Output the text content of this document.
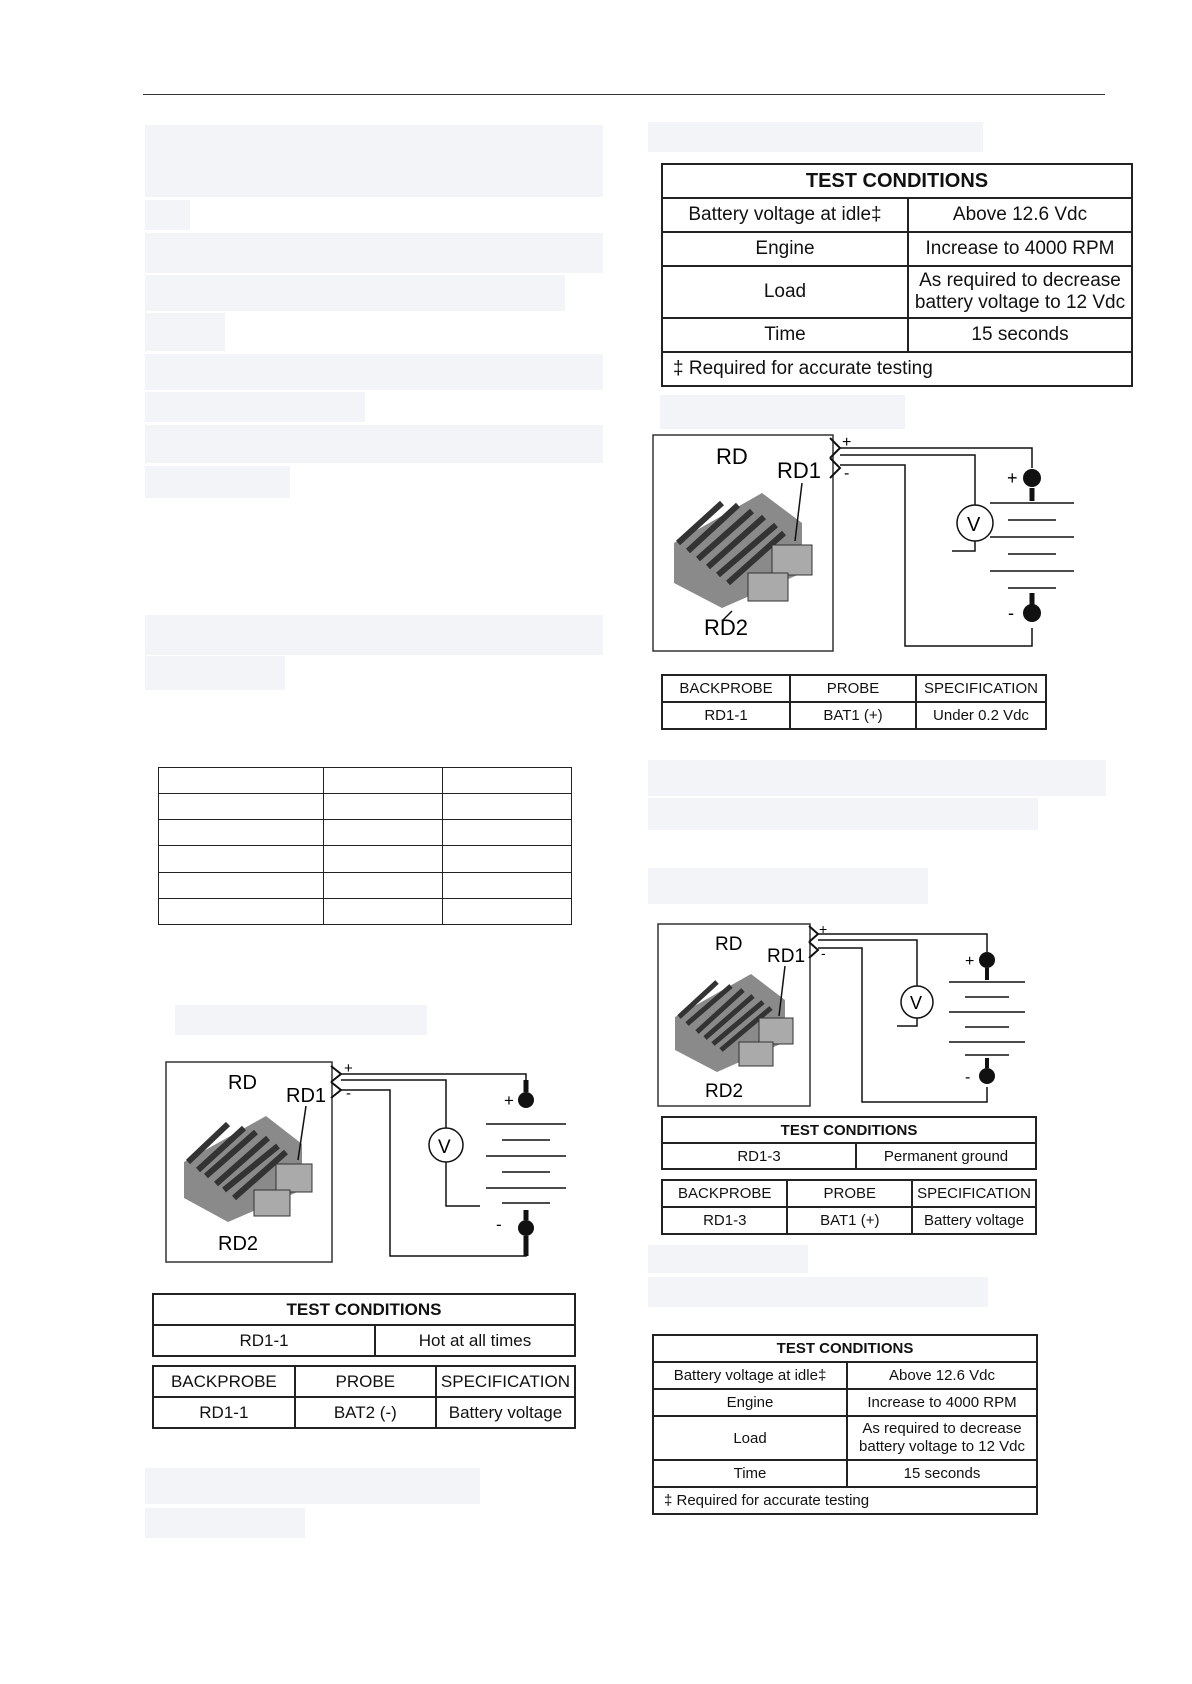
TEST CONDITIONS	
Battery voltage at idle‡	Above 12.6 Vdc
Engine	Increase to 4000 RPM
Load	As required to decrease
battery voltage to 12 Vdc
Time	15 seconds
‡ Required for accurate testing	
RD
RD1
RD2
+
-
V
+
-
BACKPROBE	PROBE	SPECIFICATION
RD1-1	BAT1 (+)	Under 0.2 Vdc
RD
RD1
RD2
+
-
V
+
-
TEST CONDITIONS
RD1-3	Permanent ground
BACKPROBE	PROBE	SPECIFICATION
RD1-3	BAT1 (+)	Battery voltage
RD
RD1
RD2
+
-
V
+
-
TEST CONDITIONS
RD1-1	Hot at all times
BACKPROBE	PROBE	SPECIFICATION
RD1-1	BAT2 (-)	Battery voltage
TEST CONDITIONS	
Battery voltage at idle‡	Above 12.6 Vdc
Engine	Increase to 4000 RPM
Load	As required to decrease
battery voltage to 12 Vdc
Time	15 seconds
‡ Required for accurate testing	
